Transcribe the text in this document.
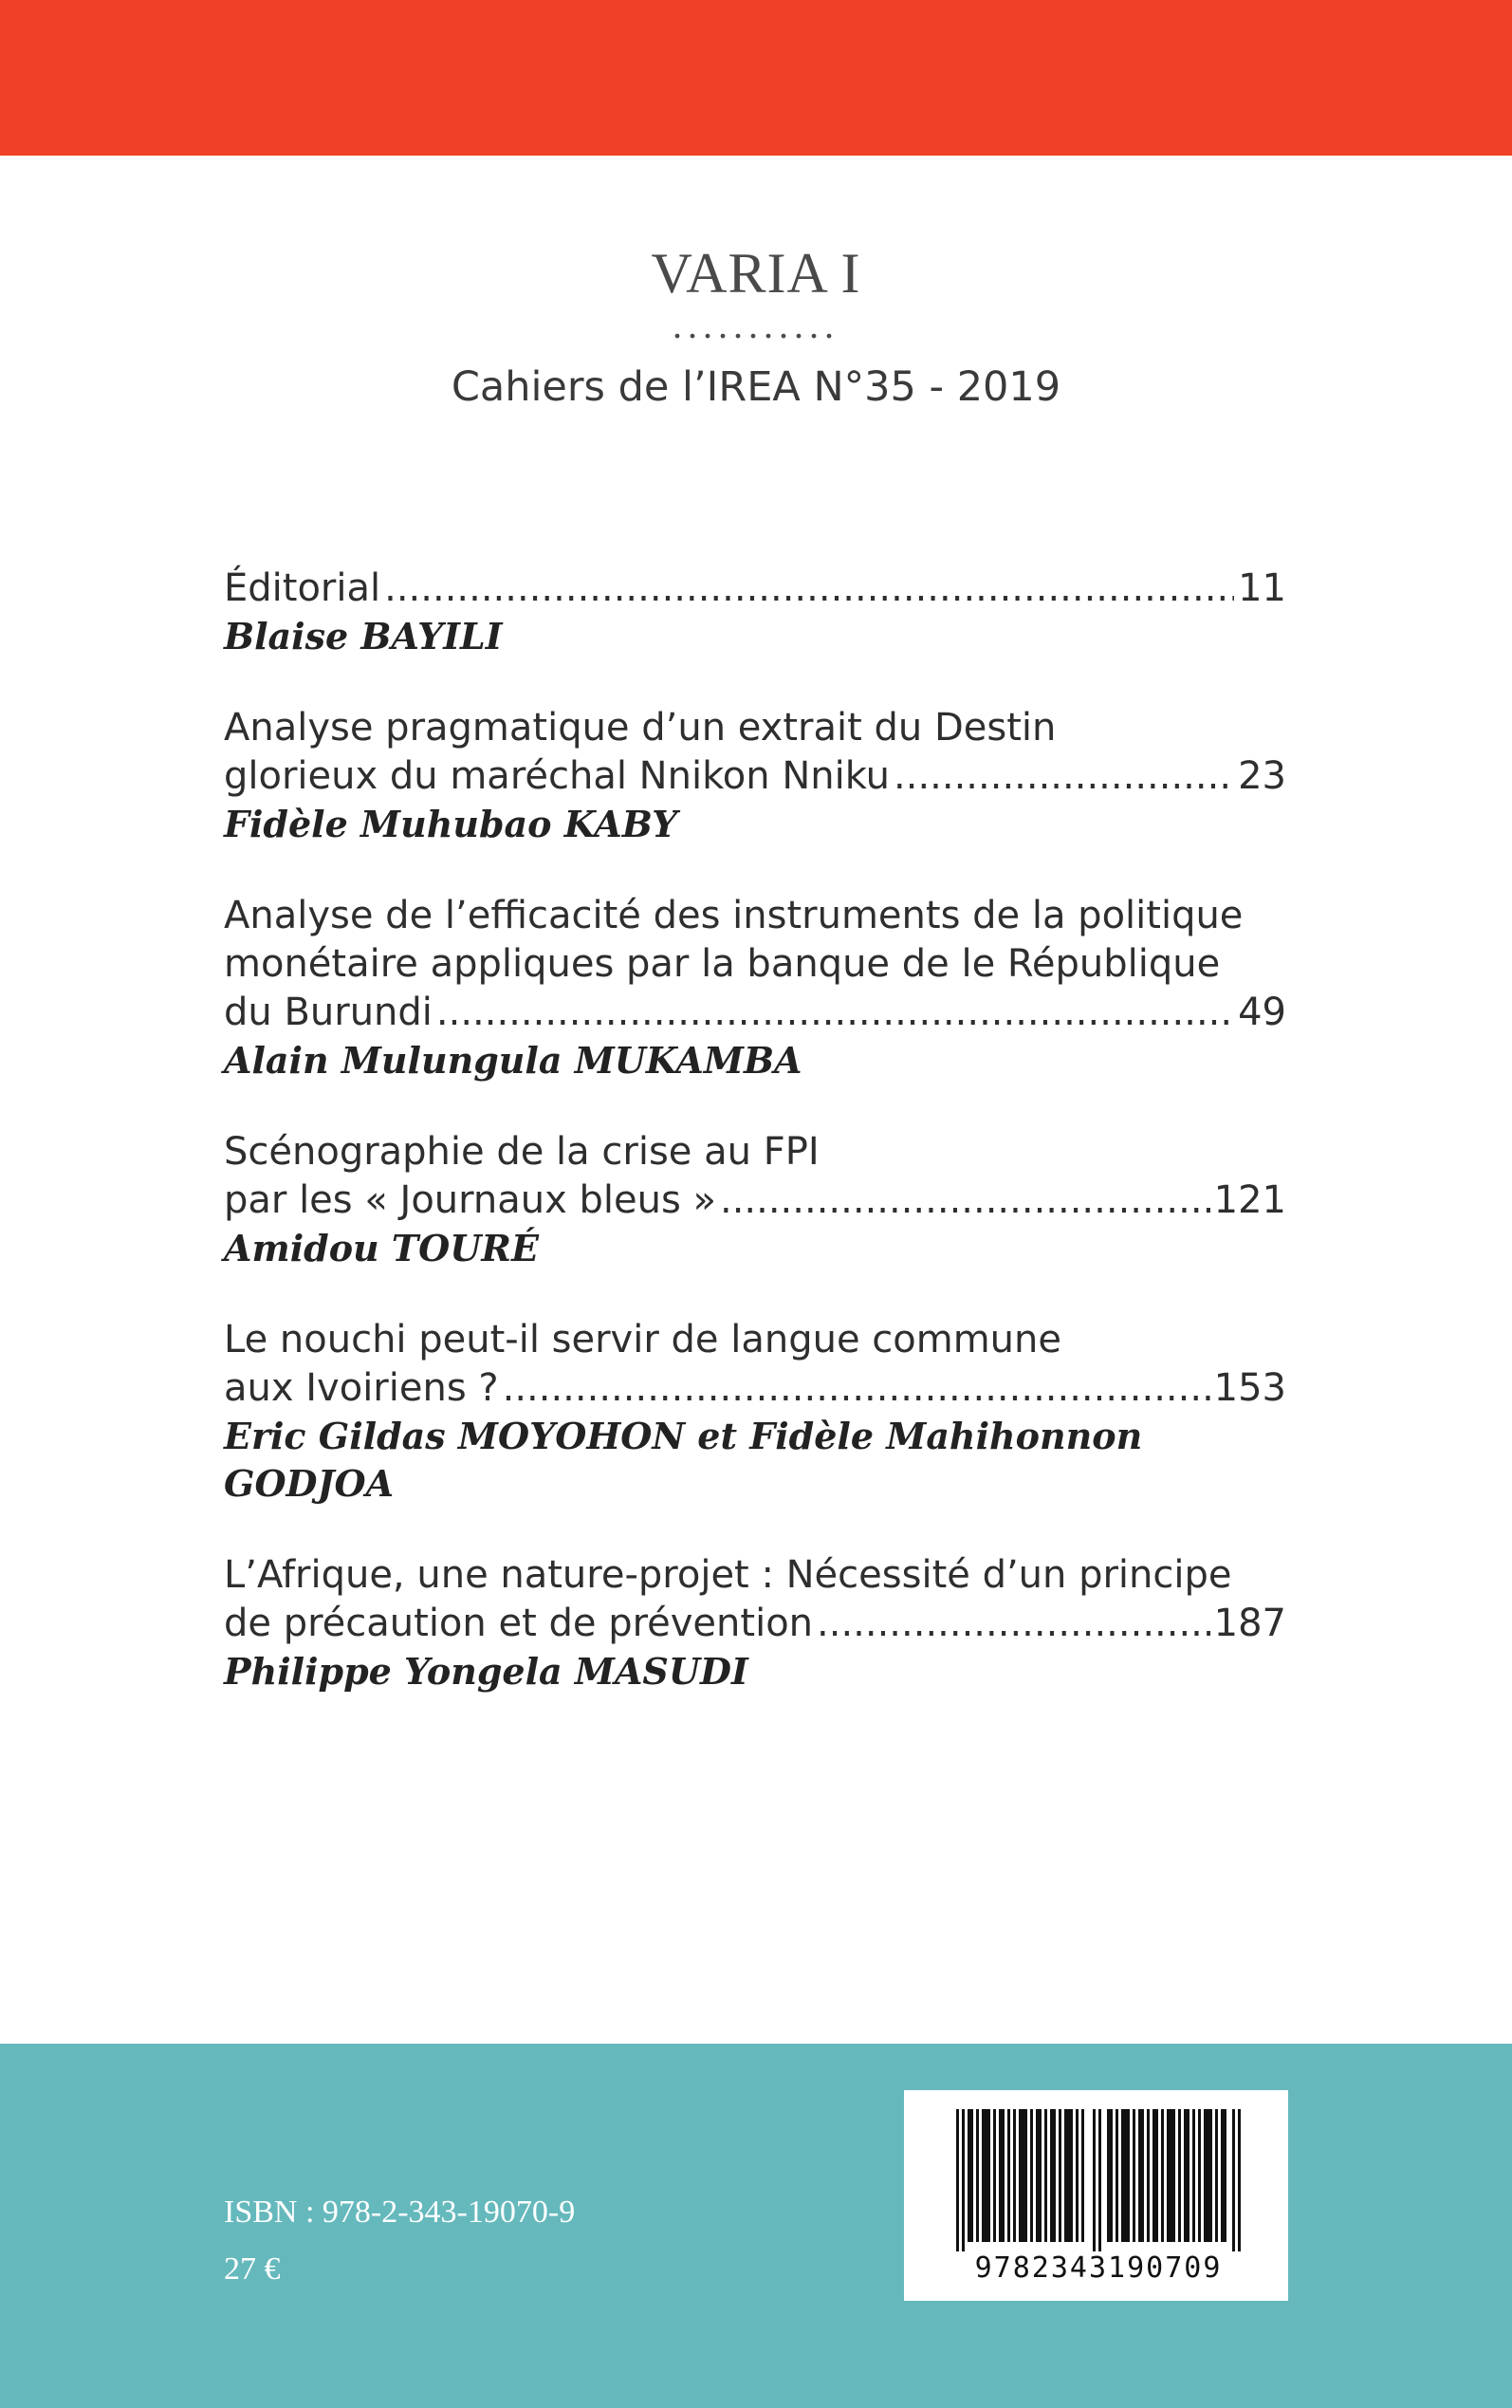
VARIA I
...........
Cahiers de l’IREA N°35 - 2019
Éditorial .....	11
Blaise BAYILI
Analyse pragmatique d’un extrait du Destin
glorieux du maréchal Nnikon Nniku .....	23
Fidèle Muhubao KABY
Analyse de l’efficacité des instruments de la politique
monétaire appliques par la banque de le République
du Burundi .....	49
Alain Mulungula MUKAMBA
Scénographie de la crise au FPI
par les « Journaux bleus » .....	121
Amidou TOURÉ
Le nouchi peut-il servir de langue commune
aux Ivoiriens ? .....	153
Eric Gildas MOYOHON et Fidèle Mahihonnon GODJOA
L’Afrique, une nature-projet : Nécessité d’un principe
de précaution et de prévention .....	187
Philippe Yongela MASUDI
ISBN : 978-2-343-19070-9
27 €	9782343190709
